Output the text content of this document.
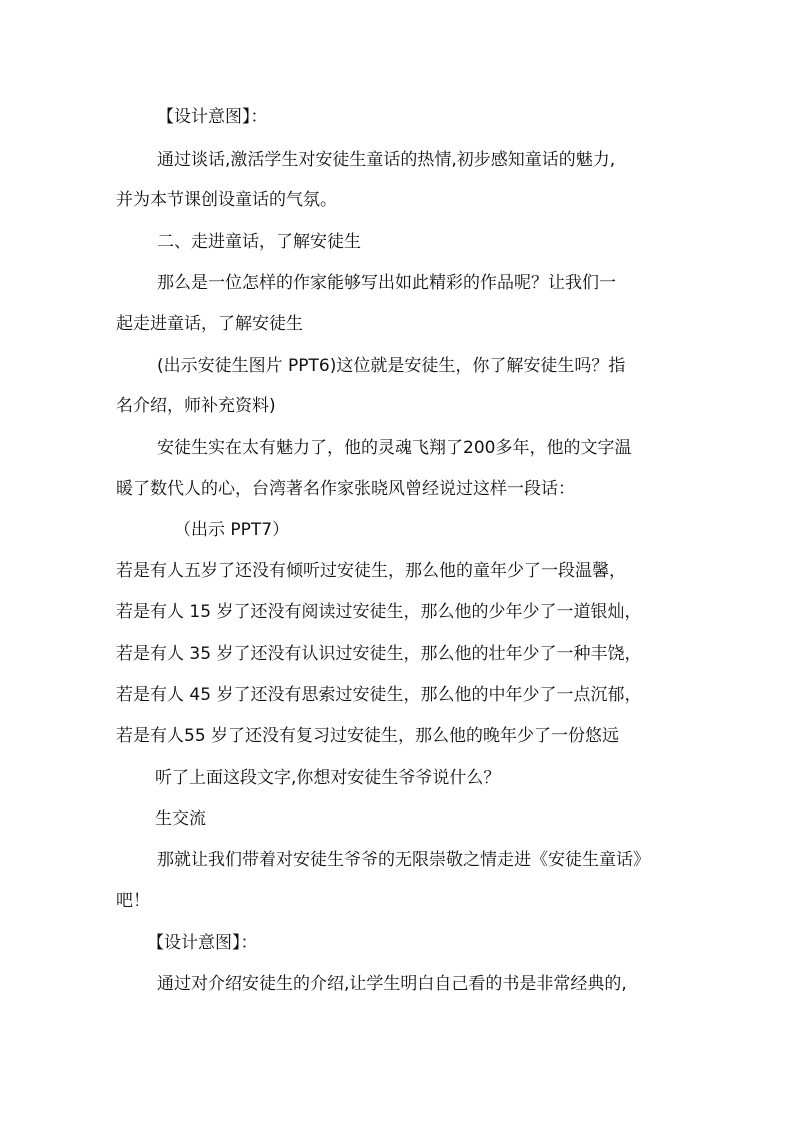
【设计意图】：
通过谈话,激活学生对安徒生童话的热情,初步感知童话的魅力,
并为本节课创设童话的气氛。
二、走进童话，了解安徒生
那么是一位怎样的作家能够写出如此精彩的作品呢？让我们一
起走进童话，了解安徒生
(出示安徒生图片 PPT6)这位就是安徒生，你了解安徒生吗？指
名介绍，师补充资料)
安徒生实在太有魅力了，他的灵魂飞翔了200多年，他的文字温
暖了数代人的心，台湾著名作家张晓风曾经说过这样一段话：
（出示 PPT7）
若是有人五岁了还没有倾听过安徒生，那么他的童年少了一段温馨，
若是有人 15 岁了还没有阅读过安徒生，那么他的少年少了一道银灿，
若是有人 35 岁了还没有认识过安徒生，那么他的壮年少了一种丰饶，
若是有人 45 岁了还没有思索过安徒生，那么他的中年少了一点沉郁，
若是有人55 岁了还没有复习过安徒生，那么他的晚年少了一份悠远
听了上面这段文字,你想对安徒生爷爷说什么？
生交流
那就让我们带着对安徒生爷爷的无限崇敬之情走进《安徒生童话》
吧！
【设计意图】：
通过对介绍安徒生的介绍,让学生明白自己看的书是非常经典的,
